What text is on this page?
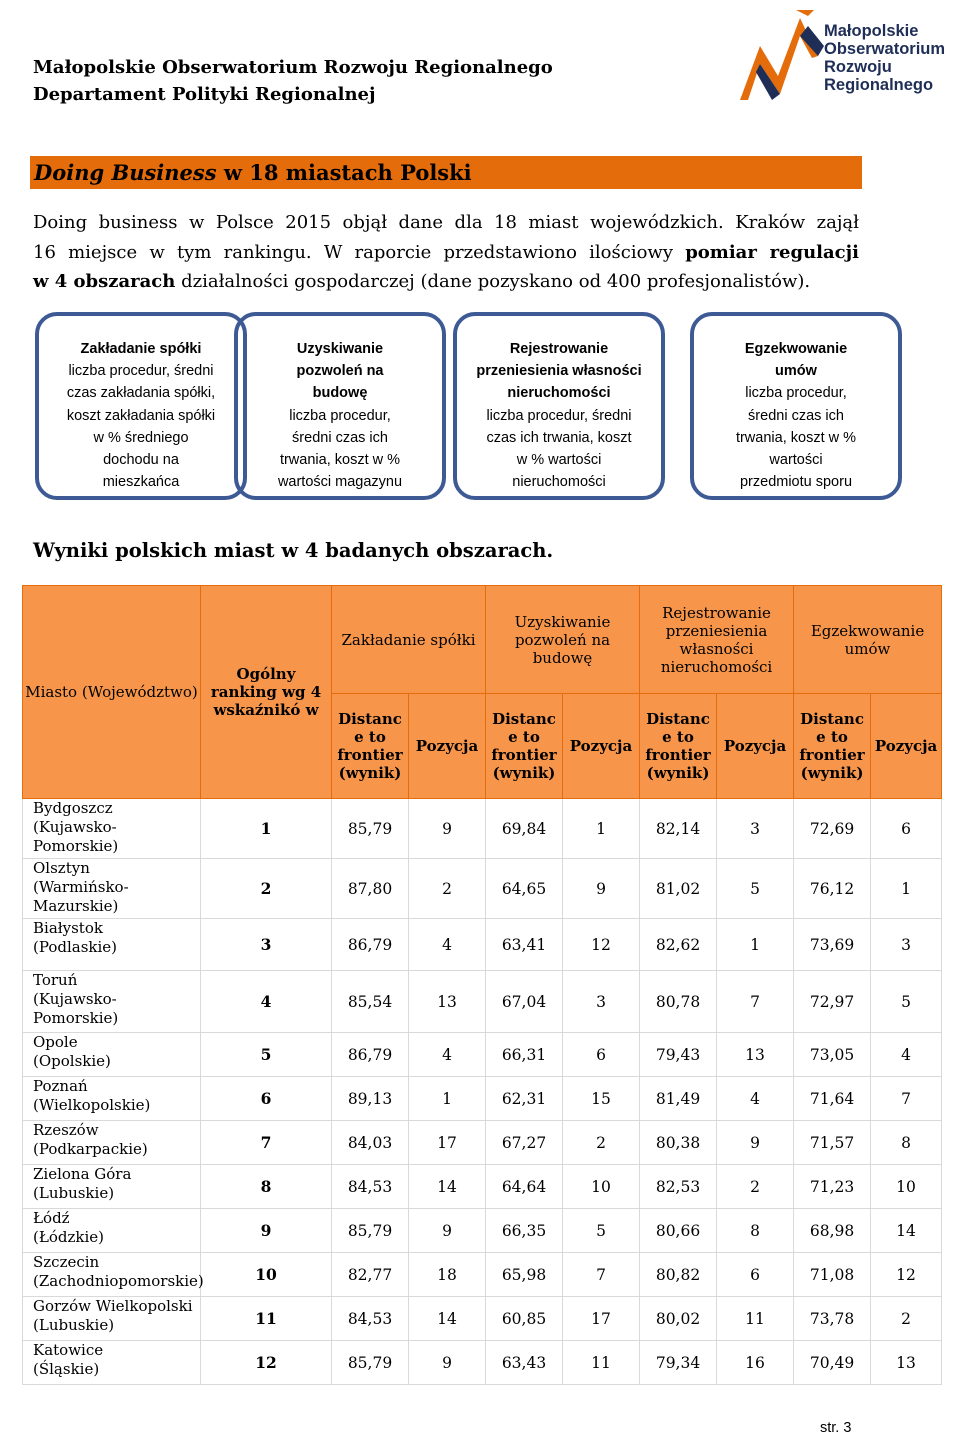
Małopolskie Obserwatorium Rozwoju Regionalnego
Departament Polityki Regionalnej
Małopolskie
Obserwatorium
Rozwoju Regionalnego
Doing Business w 18 miastach Polski
Doing business w Polsce 2015 objął dane dla 18 miast wojewódzkich. Kraków zajął
16 miejsce w tym rankingu. W raporcie przedstawiono ilościowy pomiar regulacji
w 4 obszarach działalności gospodarczej (dane pozyskano od 400 profesjonalistów).
Zakładanie spółki
liczba procedur, średni
czas zakładania spółki,
koszt zakładania spółki
w % średniego
dochodu na
mieszkańca
Uzyskiwanie
pozwoleń na
budowę
liczba procedur,
średni czas ich
trwania, koszt w %
wartości magazynu
Rejestrowanie
przeniesienia własności
nieruchomości
liczba procedur, średni
czas ich trwania, koszt
w % wartości
nieruchomości
Egzekwowanie
umów
liczba procedur,
średni czas ich
trwania, koszt w %
wartości
przedmiotu sporu
Wyniki polskich miast w 4 badanych obszarach.
Miasto (Województwo)	Ogólny ranking wg 4 wskaźnikó w	Zakładanie spółki		Uzyskiwanie pozwoleń na budowę		Rejestrowanie przeniesienia własności nieruchomości		Egzekwowanie umów	
		Distanc e to frontier (wynik)	Pozycja	Distanc e to frontier (wynik)	Pozycja	Distanc e to frontier (wynik)	Pozycja	Distanc e to frontier (wynik)	Pozycja

Bydgoszcz
(Kujawsko-
Pomorskie)	1	85,79	9	69,84	1	82,14	3	72,69	6

Olsztyn
(Warmińsko-
Mazurskie)	2	87,80	2	64,65	9	81,02	5	76,12	1

Białystok
(Podlaskie)	3	86,79	4	63,41	12	82,62	1	73,69	3

Toruń
(Kujawsko-
Pomorskie)	4	85,54	13	67,04	3	80,78	7	72,97	5

Opole
(Opolskie)	5	86,79	4	66,31	6	79,43	13	73,05	4

Poznań
(Wielkopolskie)	6	89,13	1	62,31	15	81,49	4	71,64	7

Rzeszów
(Podkarpackie)	7	84,03	17	67,27	2	80,38	9	71,57	8

Zielona Góra
(Lubuskie)	8	84,53	14	64,64	10	82,53	2	71,23	10

Łódź
(Łódzkie)	9	85,79	9	66,35	5	80,66	8	68,98	14

Szczecin
(Zachodniopomorskie)	10	82,77	18	65,98	7	80,82	6	71,08	12

Gorzów Wielkopolski
(Lubuskie)	11	84,53	14	60,85	17	80,02	11	73,78	2

Katowice
(Śląskie)	12	85,79	9	63,43	11	79,34	16	70,49	13
str. 3
